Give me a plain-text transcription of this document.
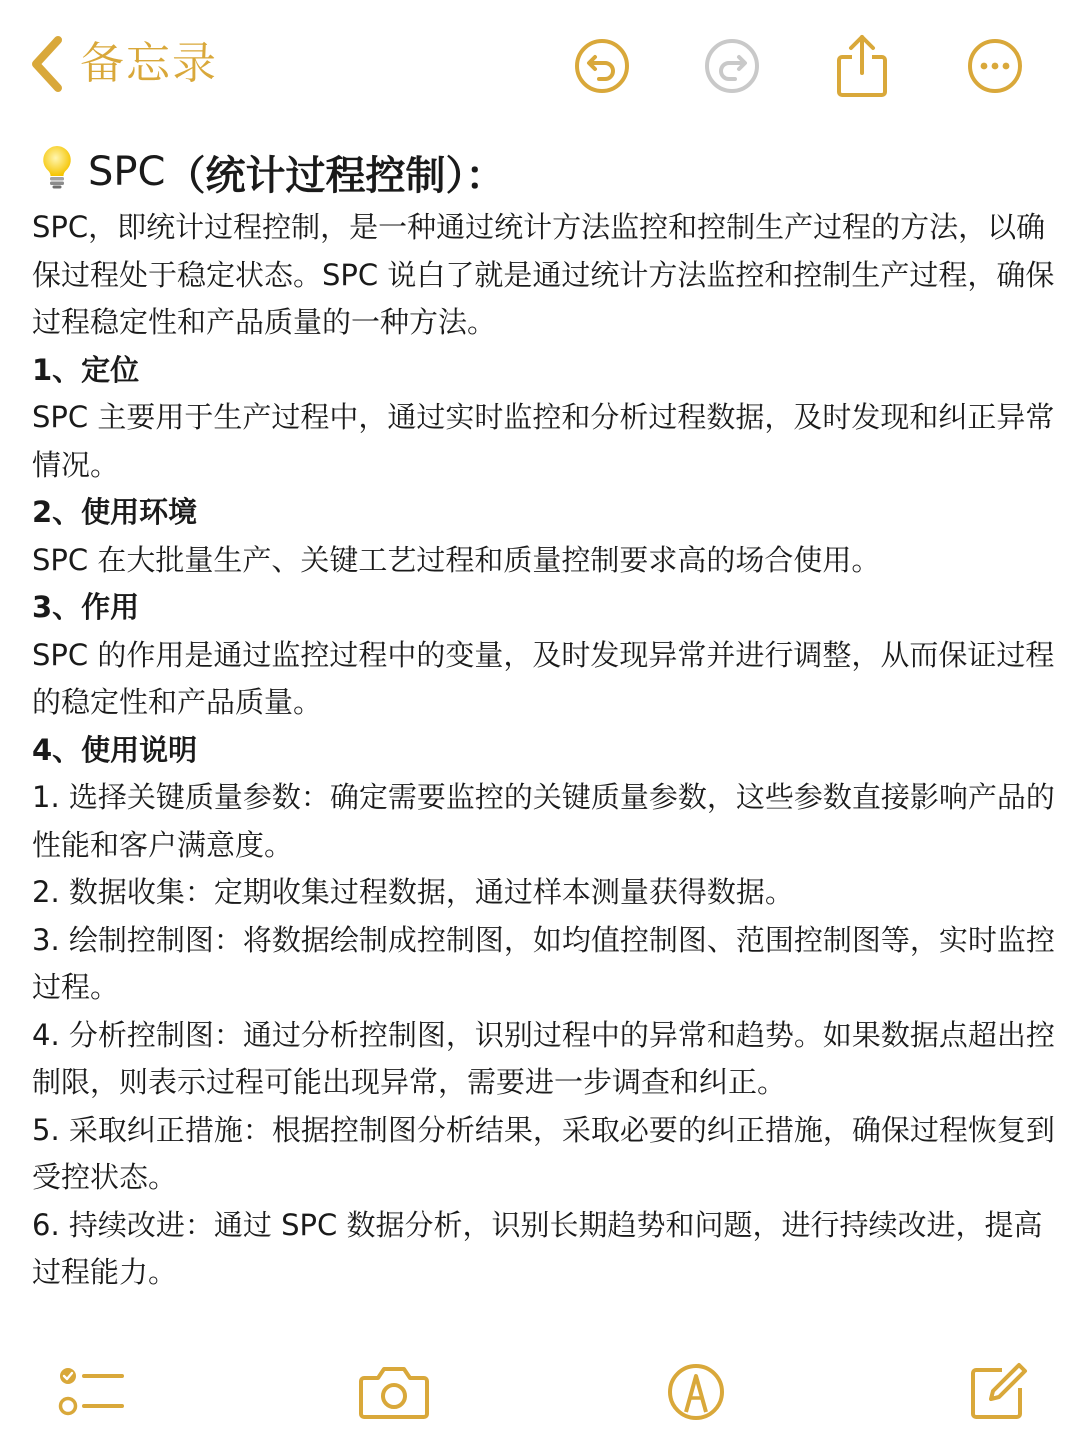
备忘录
SPC （统计过程控制）：

SPC，即统计过程控制，是一种通过统计方法监控和控制生产过程的方法，以确保过程处于稳定状态。SPC 说白了就是通过统计方法监控和控制生产过程，确保过程稳定性和产品质量的一种方法。

1、定位

SPC 主要用于生产过程中，通过实时监控和分析过程数据，及时发现和纠正异常情况。

2、使用环境

SPC 在大批量生产、关键工艺过程和质量控制要求高的场合使用。

3、作用

SPC 的作用是通过监控过程中的变量，及时发现异常并进行调整，从而保证过程的稳定性和产品质量。

4、使用说明

1. 选择关键质量参数：确定需要监控的关键质量参数，这些参数直接影响产品的性能和客户满意度。

2. 数据收集：定期收集过程数据，通过样本测量获得数据。

3. 绘制控制图：将数据绘制成控制图，如均值控制图、范围控制图等，实时监控过程。

4. 分析控制图：通过分析控制图，识别过程中的异常和趋势。如果数据点超出控制限，则表示过程可能出现异常，需要进一步调查和纠正。

5. 采取纠正措施：根据控制图分析结果，采取必要的纠正措施，确保过程恢复到受控状态。

6. 持续改进：通过 SPC 数据分析，识别长期趋势和问题，进行持续改进，提高过程能力。
